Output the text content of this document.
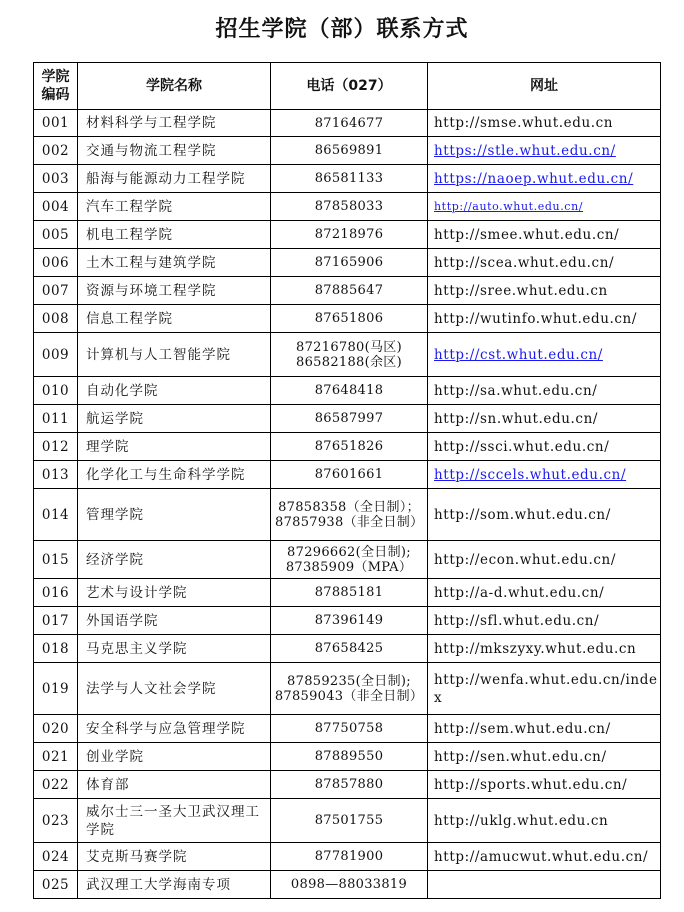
招生学院（部）联系方式
学院编码	学院名称	电话（027）	网址
001	材料科学与工程学院	87164677	http://smse.whut.edu.cn
002	交通与物流工程学院	86569891	https://stle.whut.edu.cn/
003	船海与能源动力工程学院	86581133	https://naoep.whut.edu.cn/
004	汽车工程学院	87858033	http://auto.whut.edu.cn/
005	机电工程学院	87218976	http://smee.whut.edu.cn/
006	土木工程与建筑学院	87165906	http://scea.whut.edu.cn/
007	资源与环境工程学院	87885647	http://sree.whut.edu.cn
008	信息工程学院	87651806	http://wutinfo.whut.edu.cn/
009	计算机与人工智能学院	87216780(马区)
86582188(余区)	http://cst.whut.edu.cn/
010	自动化学院	87648418	http://sa.whut.edu.cn/
011	航运学院	86587997	http://sn.whut.edu.cn/
012	理学院	87651826	http://ssci.whut.edu.cn/
013	化学化工与生命科学学院	87601661	http://sccels.whut.edu.cn/
014	管理学院	87858358（全日制）；87857938（非全日制）	http://som.whut.edu.cn/
015	经济学院	87296662(全日制);
87385909（MPA）	http://econ.whut.edu.cn/
016	艺术与设计学院	87885181	http://a-d.whut.edu.cn/
017	外国语学院	87396149	http://sfl.whut.edu.cn/
018	马克思主义学院	87658425	http://mkszyxy.whut.edu.cn
019	法学与人文社会学院	87859235(全日制);
87859043（非全日制）	http://wenfa.whut.edu.cn/index
020	安全科学与应急管理学院	87750758	http://sem.whut.edu.cn/
021	创业学院	87889550	http://sen.whut.edu.cn/
022	体育部	87857880	http://sports.whut.edu.cn/
023	威尔士三一圣大卫武汉理工学院	87501755	http://uklg.whut.edu.cn
024	艾克斯马赛学院	87781900	http://amucwut.whut.edu.cn/
025	武汉理工大学海南专项	0898—88033819	
